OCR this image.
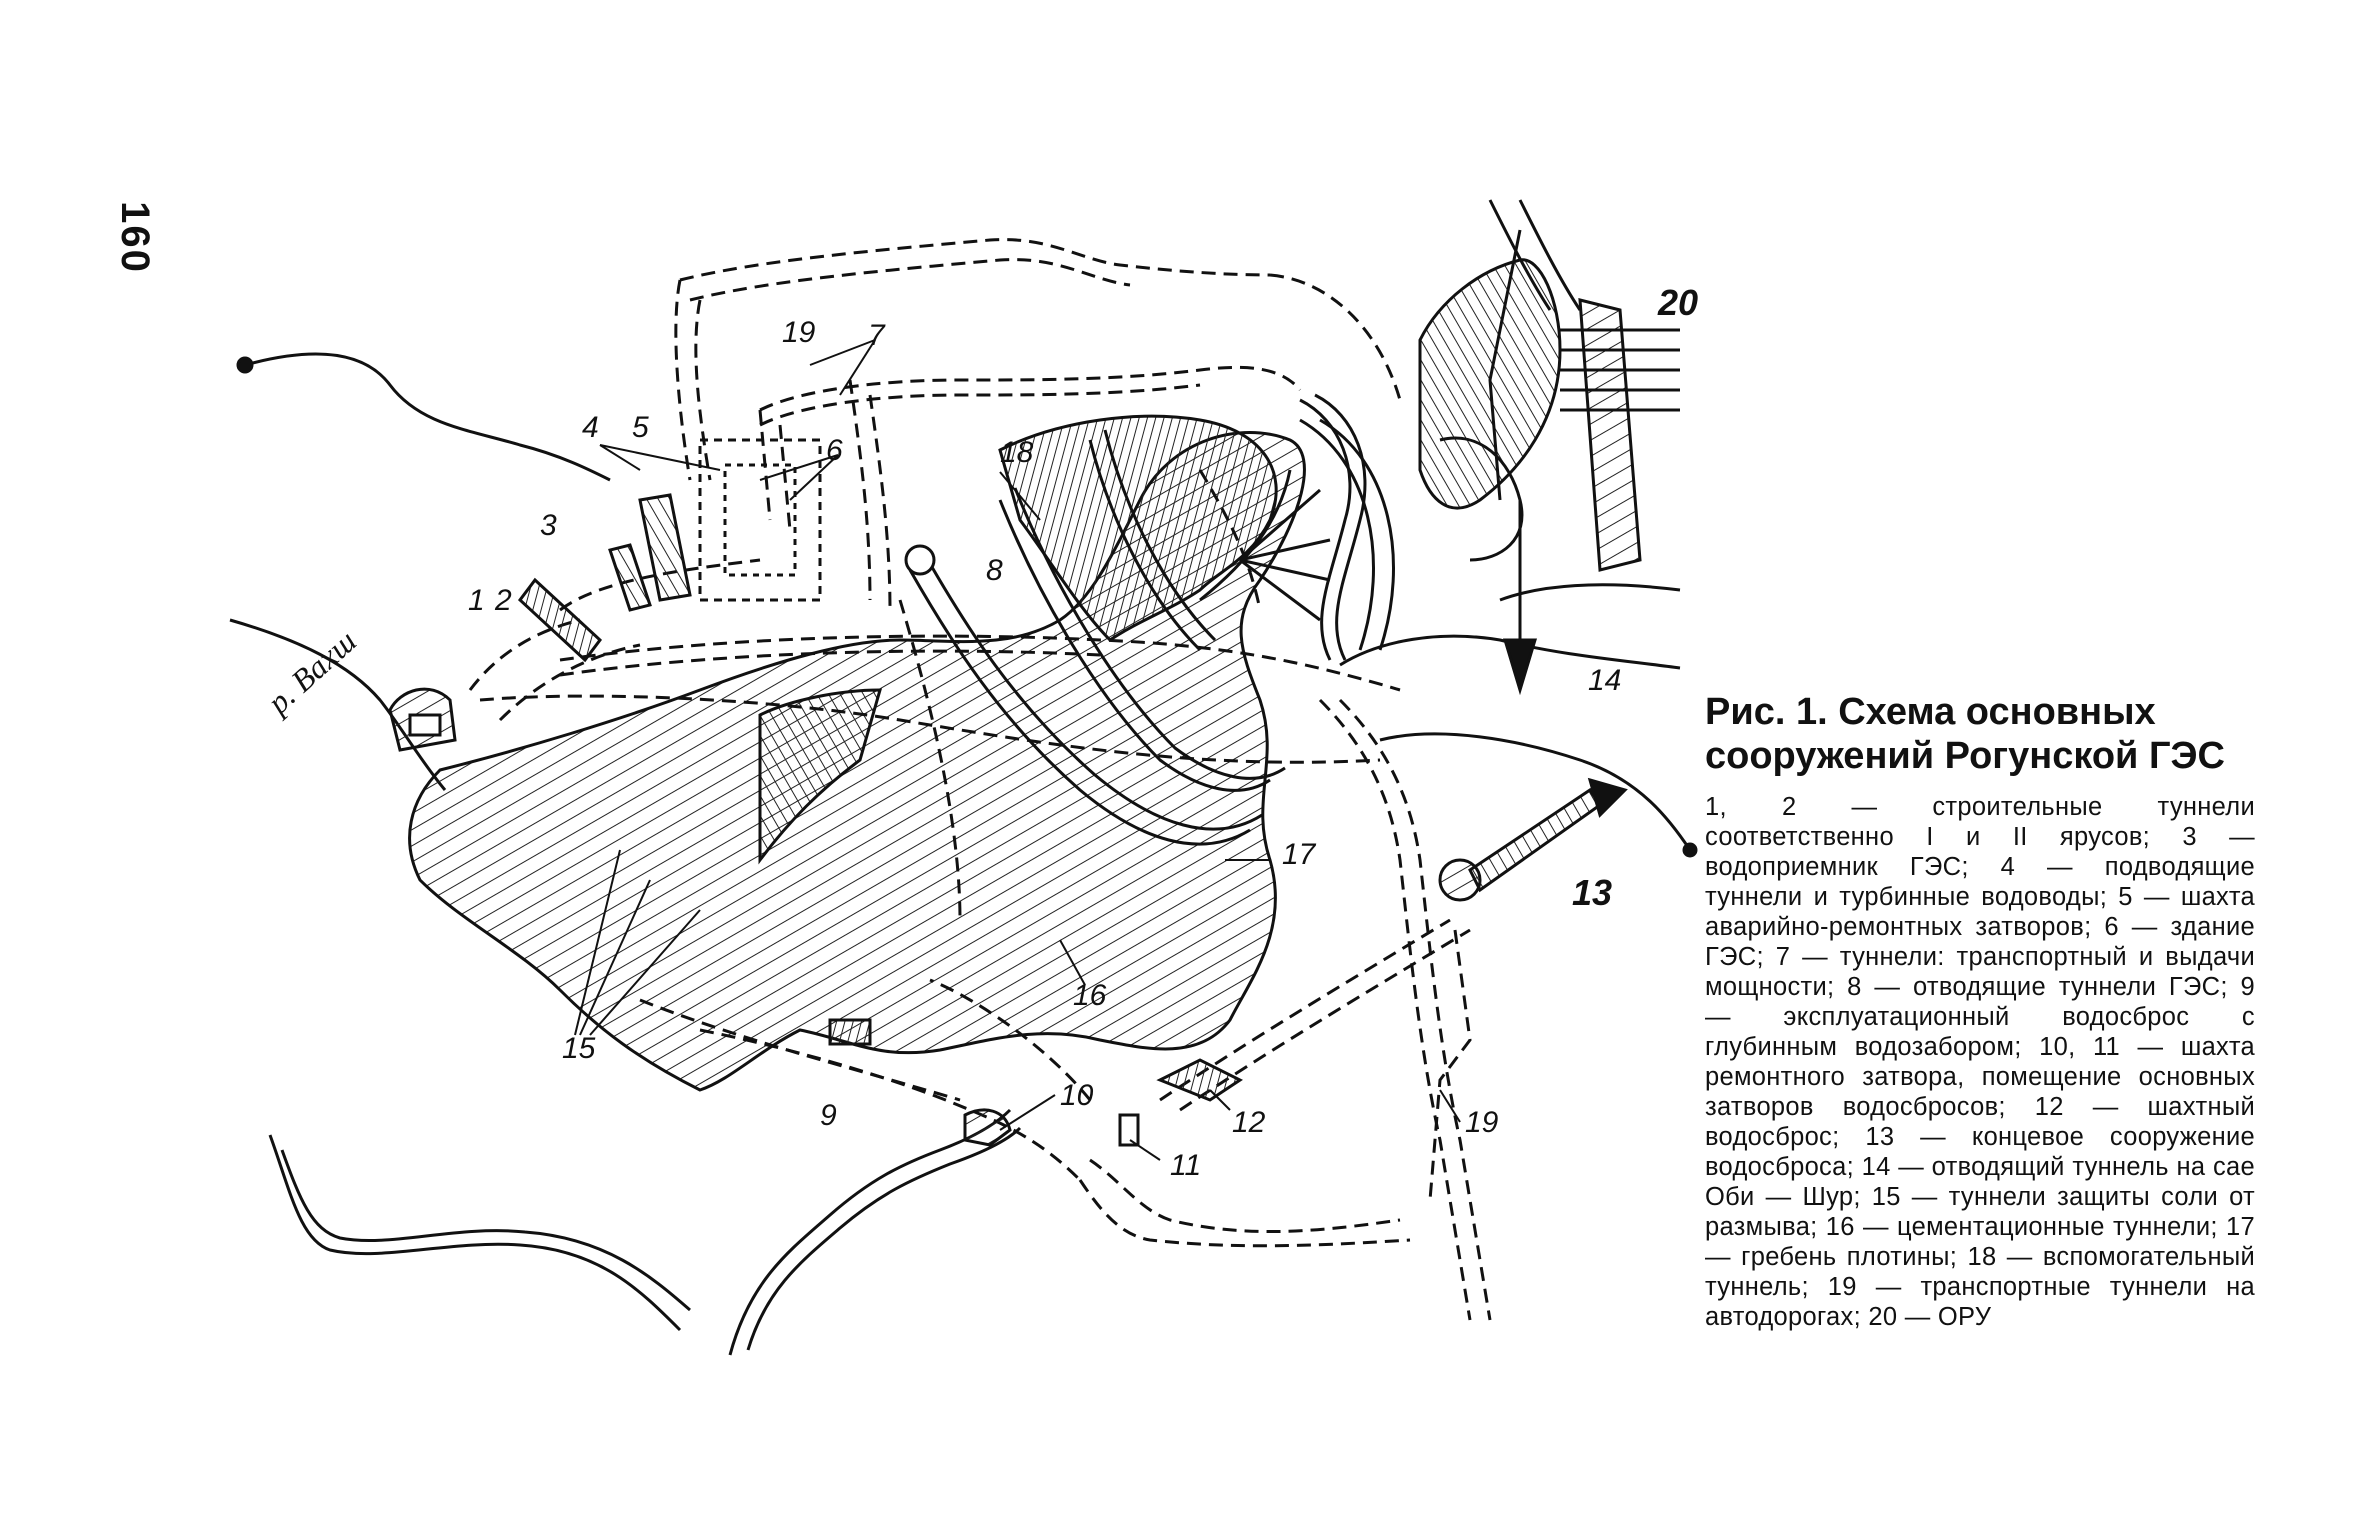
160
1 2
3
4 5
6
7
8
9
10
11
12
13
14
15
16
17
18
19
20
19
р. Вахш	Рис. 1. Схема основных сооружений Рогунской ГЭС

1, 2 — строительные туннели соответственно I и II ярусов; 3 — водоприемник ГЭС; 4 — подводящие туннели и турбинные водоводы; 5 — шахта аварийно-ремонтных затворов; 6 — здание ГЭС; 7 — туннели: транспортный и выдачи мощности; 8 — отводящие туннели ГЭС; 9 — эксплуатационный водосброс с глубинным водозабором; 10, 11 — шахта ремонтного затвора, помещение основных затворов водосбросов; 12 — шахтный водосброс; 13 — концевое сооружение водосброса; 14 — отводящий туннель на сае Оби — Шур; 15 — туннели защиты соли от размыва; 16 — цементационные туннели; 17 — гребень плотины; 18 — вспомогательный туннель; 19 — транспортные туннели на автодорогах; 20 — ОРУ
